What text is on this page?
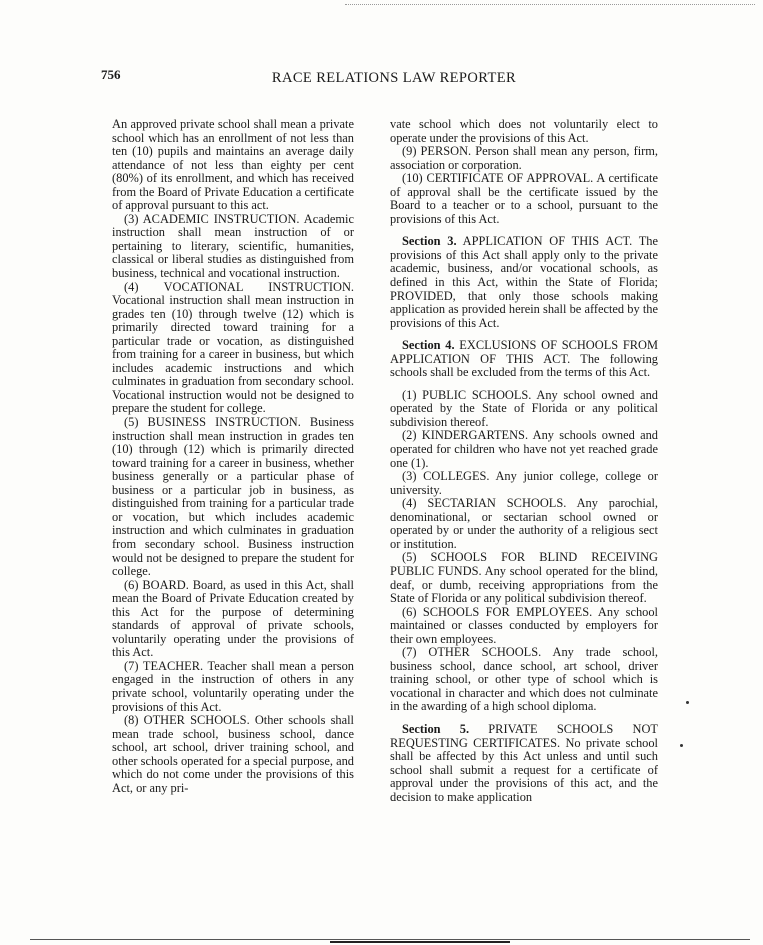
756	RACE RELATIONS LAW REPORTER

An approved private school shall mean a private school which has an enrollment of not less than ten (10) pupils and maintains an average daily attendance of not less than eighty per cent (80%) of its enrollment, and which has received from the Board of Private Education a certificate of approval pursuant to this act.

(3) ACADEMIC INSTRUCTION. Academic instruction shall mean instruction of or pertaining to literary, scientific, humanities, classical or liberal studies as distinguished from business, technical and vocational instruction.

(4) VOCATIONAL INSTRUCTION. Vocational instruction shall mean instruction in grades ten (10) through twelve (12) which is primarily directed toward training for a particular trade or vocation, as distinguished from training for a career in business, but which includes academic instructions and which culminates in graduation from secondary school. Vocational instruction would not be designed to prepare the student for college.

(5) BUSINESS INSTRUCTION. Business instruction shall mean instruction in grades ten (10) through (12) which is primarily directed toward training for a career in business, whether business generally or a particular phase of business or a particular job in business, as distinguished from training for a particular trade or vocation, but which includes academic instruction and which culminates in graduation from secondary school. Business instruction would not be designed to prepare the student for college.

(6) BOARD. Board, as used in this Act, shall mean the Board of Private Education created by this Act for the purpose of determining standards of approval of private schools, voluntarily operating under the provisions of this Act.

(7) TEACHER. Teacher shall mean a person engaged in the instruction of others in any private school, voluntarily operating under the provisions of this Act.

(8) OTHER SCHOOLS. Other schools shall mean trade school, business school, dance school, art school, driver training school, and other schools operated for a special purpose, and which do not come under the provisions of this Act, or any pri-

vate school which does not voluntarily elect to operate under the provisions of this Act.

(9) PERSON. Person shall mean any person, firm, association or corporation.

(10) CERTIFICATE OF APPROVAL. A certificate of approval shall be the certificate issued by the Board to a teacher or to a school, pursuant to the provisions of this Act.

Section 3. APPLICATION OF THIS ACT. The provisions of this Act shall apply only to the private academic, business, and/or vocational schools, as defined in this Act, within the State of Florida; PROVIDED, that only those schools making application as provided herein shall be affected by the provisions of this Act.

Section 4. EXCLUSIONS OF SCHOOLS FROM APPLICATION OF THIS ACT. The following schools shall be excluded from the terms of this Act.

(1) PUBLIC SCHOOLS. Any school owned and operated by the State of Florida or any political subdivision thereof.

(2) KINDERGARTENS. Any schools owned and operated for children who have not yet reached grade one (1).

(3) COLLEGES. Any junior college, college or university.

(4) SECTARIAN SCHOOLS. Any parochial, denominational, or sectarian school owned or operated by or under the authority of a religious sect or institution.

(5) SCHOOLS FOR BLIND RECEIVING PUBLIC FUNDS. Any school operated for the blind, deaf, or dumb, receiving appropriations from the State of Florida or any political subdivision thereof.

(6) SCHOOLS FOR EMPLOYEES. Any school maintained or classes conducted by employers for their own employees.

(7) OTHER SCHOOLS. Any trade school, business school, dance school, art school, driver training school, or other type of school which is vocational in character and which does not culminate in the awarding of a high school diploma.

Section 5. PRIVATE SCHOOLS NOT REQUESTING CERTIFICATES. No private school shall be affected by this Act unless and until such school shall submit a request for a certificate of approval under the provisions of this act, and the decision to make application
